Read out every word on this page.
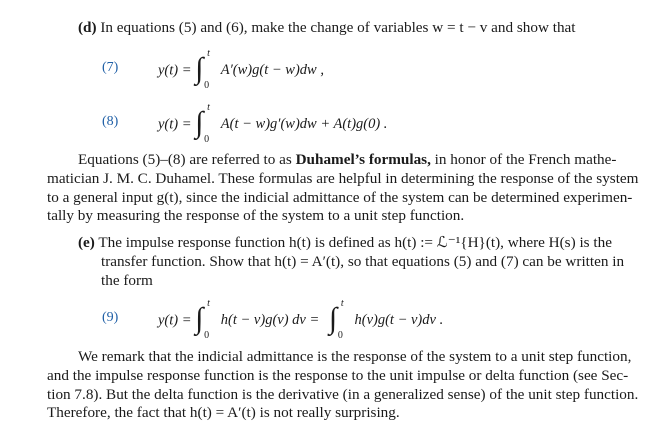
(d) In equations (5) and (6), make the change of variables w = t − v and show that
(7)	y(t) = ∫ t
0
A′(w)g(t − w)dw ,
(8)	y(t) = ∫ t
0
A(t − w)g′(w)dw + A(t)g(0) .
Equations (5)–(8) are referred to as Duhamel’s formulas, in honor of the French mathe-
matician J. M. C. Duhamel. These formulas are helpful in determining the response of the system
to a general input g(t), since the indicial admittance of the system can be determined experimen-
tally by measuring the response of the system to a unit step function.
(e) The impulse response function h(t) is defined as h(t) := ℒ⁻¹{H}(t), where H(s) is the
transfer function. Show that h(t) = A′(t), so that equations (5) and (7) can be written in
the form
(9)	y(t) = ∫ t
0
h(t − v)g(v) dv = ∫ t
0
h(v)g(t − v)dv .
We remark that the indicial admittance is the response of the system to a unit step function,
and the impulse response function is the response to the unit impulse or delta function (see Sec-
tion 7.8). But the delta function is the derivative (in a generalized sense) of the unit step function.
Therefore, the fact that h(t) = A′(t) is not really surprising.
